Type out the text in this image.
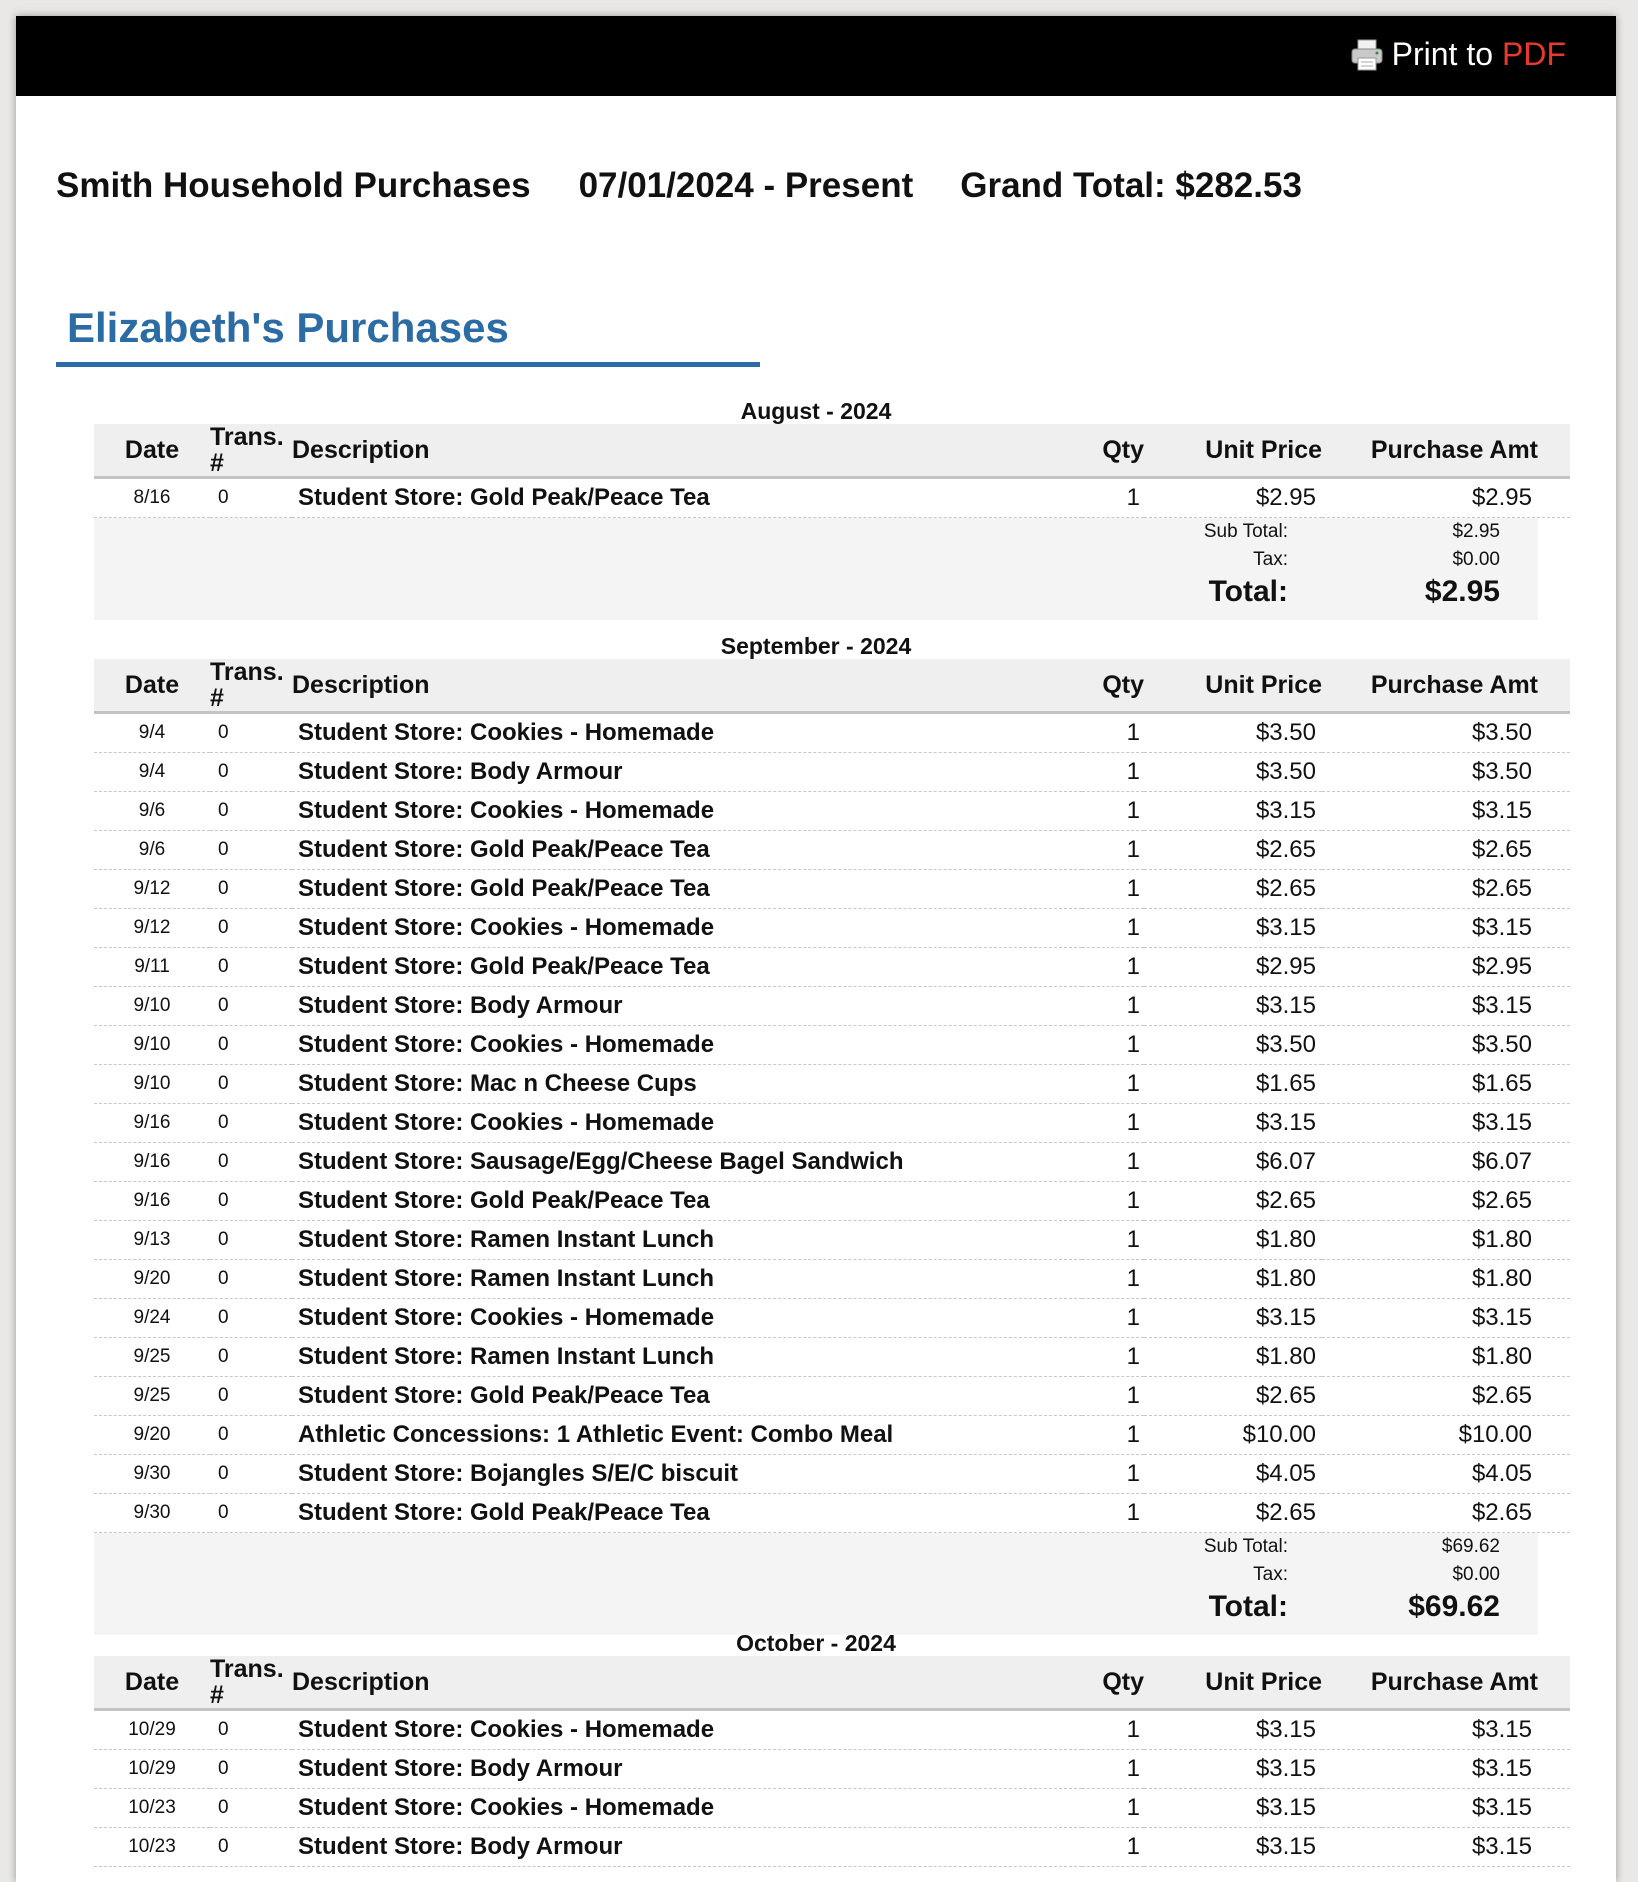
Print to PDF
Smith Household Purchases 07/01/2024 - Present Grand Total: $282.53
Elizabeth's Purchases
August - 2024
Date	Trans. #	Description	Qty	Unit Price	Purchase Amt
8/16	0	Student Store: Gold Peak/Peace Tea	1	$2.95	$2.95
Sub Total:	$2.95
Tax:	$0.00
Total:	$2.95
September - 2024
Date	Trans. #	Description	Qty	Unit Price	Purchase Amt
9/4	0	Student Store: Cookies - Homemade	1	$3.50	$3.50
9/4	0	Student Store: Body Armour	1	$3.50	$3.50
9/6	0	Student Store: Cookies - Homemade	1	$3.15	$3.15
9/6	0	Student Store: Gold Peak/Peace Tea	1	$2.65	$2.65
9/12	0	Student Store: Gold Peak/Peace Tea	1	$2.65	$2.65
9/12	0	Student Store: Cookies - Homemade	1	$3.15	$3.15
9/11	0	Student Store: Gold Peak/Peace Tea	1	$2.95	$2.95
9/10	0	Student Store: Body Armour	1	$3.15	$3.15
9/10	0	Student Store: Cookies - Homemade	1	$3.50	$3.50
9/10	0	Student Store: Mac n Cheese Cups	1	$1.65	$1.65
9/16	0	Student Store: Cookies - Homemade	1	$3.15	$3.15
9/16	0	Student Store: Sausage/Egg/Cheese Bagel Sandwich	1	$6.07	$6.07
9/16	0	Student Store: Gold Peak/Peace Tea	1	$2.65	$2.65
9/13	0	Student Store: Ramen Instant Lunch	1	$1.80	$1.80
9/20	0	Student Store: Ramen Instant Lunch	1	$1.80	$1.80
9/24	0	Student Store: Cookies - Homemade	1	$3.15	$3.15
9/25	0	Student Store: Ramen Instant Lunch	1	$1.80	$1.80
9/25	0	Student Store: Gold Peak/Peace Tea	1	$2.65	$2.65
9/20	0	Athletic Concessions: 1 Athletic Event: Combo Meal	1	$10.00	$10.00
9/30	0	Student Store: Bojangles S/E/C biscuit	1	$4.05	$4.05
9/30	0	Student Store: Gold Peak/Peace Tea	1	$2.65	$2.65
Sub Total:	$69.62
Tax:	$0.00
Total:	$69.62
October - 2024
Date	Trans. #	Description	Qty	Unit Price	Purchase Amt
10/29	0	Student Store: Cookies - Homemade	1	$3.15	$3.15
10/29	0	Student Store: Body Armour	1	$3.15	$3.15
10/23	0	Student Store: Cookies - Homemade	1	$3.15	$3.15
10/23	0	Student Store: Body Armour	1	$3.15	$3.15
